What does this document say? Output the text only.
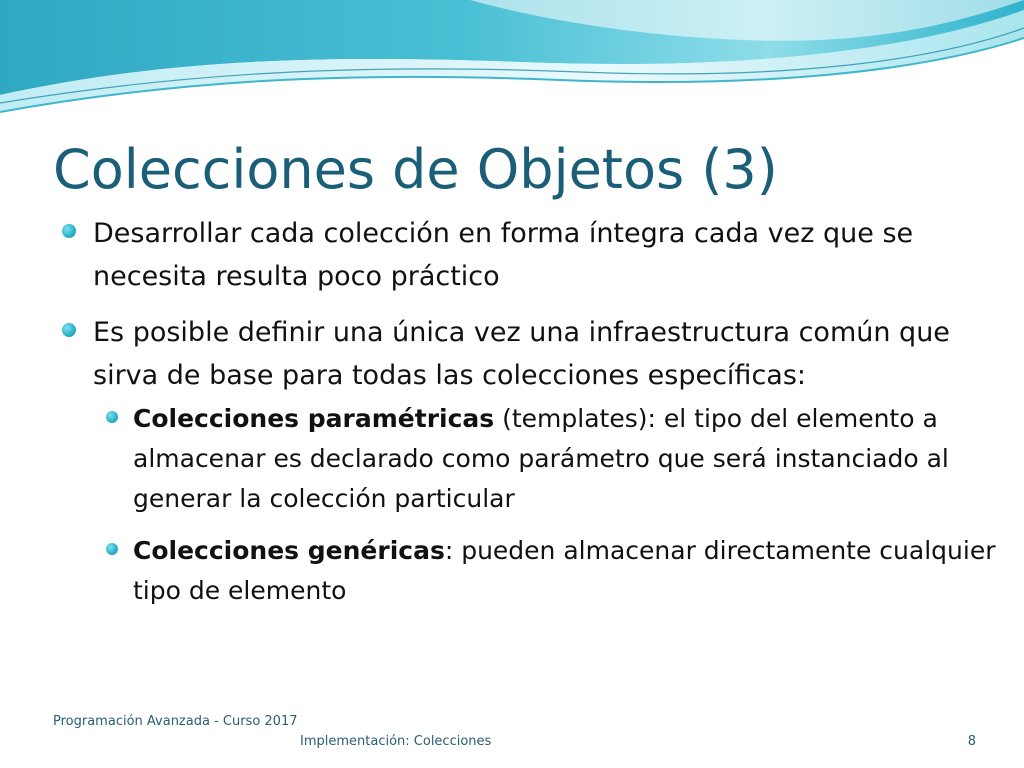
Colecciones de Objetos (3)
Desarrollar cada colección en forma íntegra cada vez que se necesita resulta poco práctico
Es posible definir una única vez una infraestructura común que sirva de base para todas las colecciones específicas:
Colecciones paramétricas (templates): el tipo del elemento a almacenar es declarado como parámetro que será instanciado al generar la colección particular
Colecciones genéricas: pueden almacenar directamente cualquier tipo de elemento
Programación Avanzada - Curso 2017
Implementación: Colecciones	8
